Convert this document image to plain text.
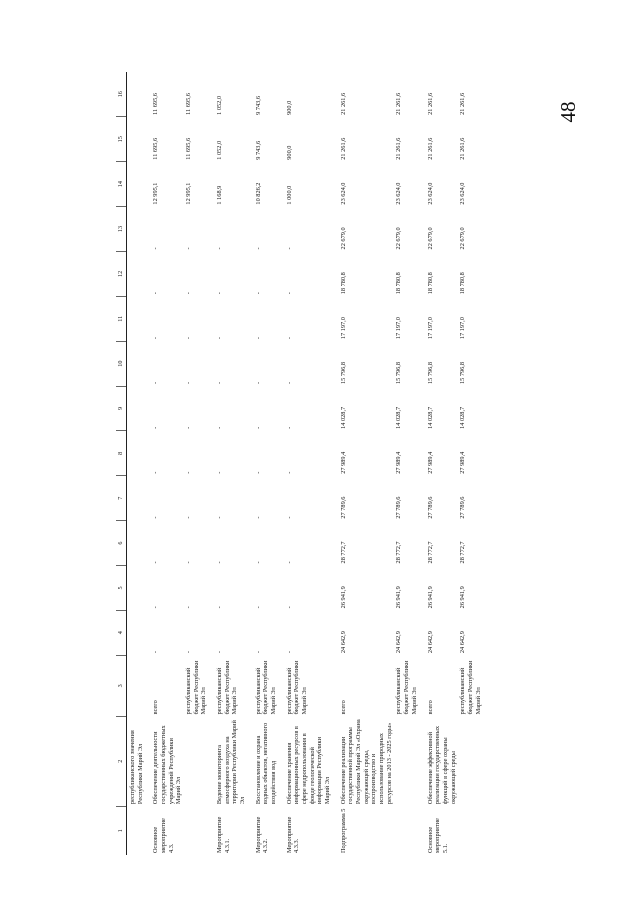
48
1	2	3	4	5	6	7	8	9	10	11	12	13	14	15	16
	республиканского значения Республики Марий Эл														
Основное мероприятие 4.3.	Обеспечение деятельности государственных бюджетных учреждений Республики Марий Эл	всего	-	-	-	-	-	-	-	-	-	-	12 995,1	11 695,6	11 695,6
		республиканский бюджет Республики Марий Эл	-	-	-	-	-	-	-	-	-	-	12 995,1	11 695,6	11 695,6
Мероприятие 4.3.1.	Ведение мониторинга атмосферного воздуха на территории Республики Марий Эл	республиканский бюджет Республики Марий Эл	-	-	-	-	-	-	-	-	-	-	1 168,9	1 052,0	1 052,0
Мероприятие 4.3.2.	Восстановление и охрана водных объектов, негативного воздействия вод	республиканский бюджет Республики Марий Эл	-	-	-	-	-	-	-	-	-	-	10 826,2	9 743,6	9 743,6
Мероприятие 4.3.3.	Обеспечение хранения информационных ресурсов в сфере недропользования в фонде геологической информации Республики Марий Эл	республиканский бюджет Республики Марий Эл	-	-	-	-	-	-	-	-	-	-	1 000,0	900,0	900,0
Подпрограмма 5	Обеспечение реализации государственной программы Республики Марий Эл «Охрана окружающей среды, воспроизводство и использование природных ресурсов на 2013 - 2025 годы»	всего	24 642,9	26 941,9	28 772,7	27 789,6	27 989,4	14 028,7	15 796,8	17 197,0	18 780,8	22 679,0	23 624,0	21 261,6	21 261,6
		республиканский бюджет Республики Марий Эл	24 642,9	26 941,9	28 772,7	27 789,6	27 989,4	14 028,7	15 796,8	17 197,0	18 780,8	22 679,0	23 624,0	21 261,6	21 261,6
Основное мероприятие 5.1.	Обеспечение эффективной реализации государственных функций в сфере охраны окружающей среды	всего	24 642,9	26 941,9	28 772,7	27 789,6	27 989,4	14 028,7	15 796,8	17 197,0	18 780,8	22 679,0	23 624,0	21 261,6	21 261,6
		республиканский бюджет Республики Марий Эл	24 642,9	26 941,9	28 772,7	27 789,6	27 989,4	14 028,7	15 796,8	17 197,0	18 780,8	22 679,0	23 624,0	21 261,6	21 261,6
